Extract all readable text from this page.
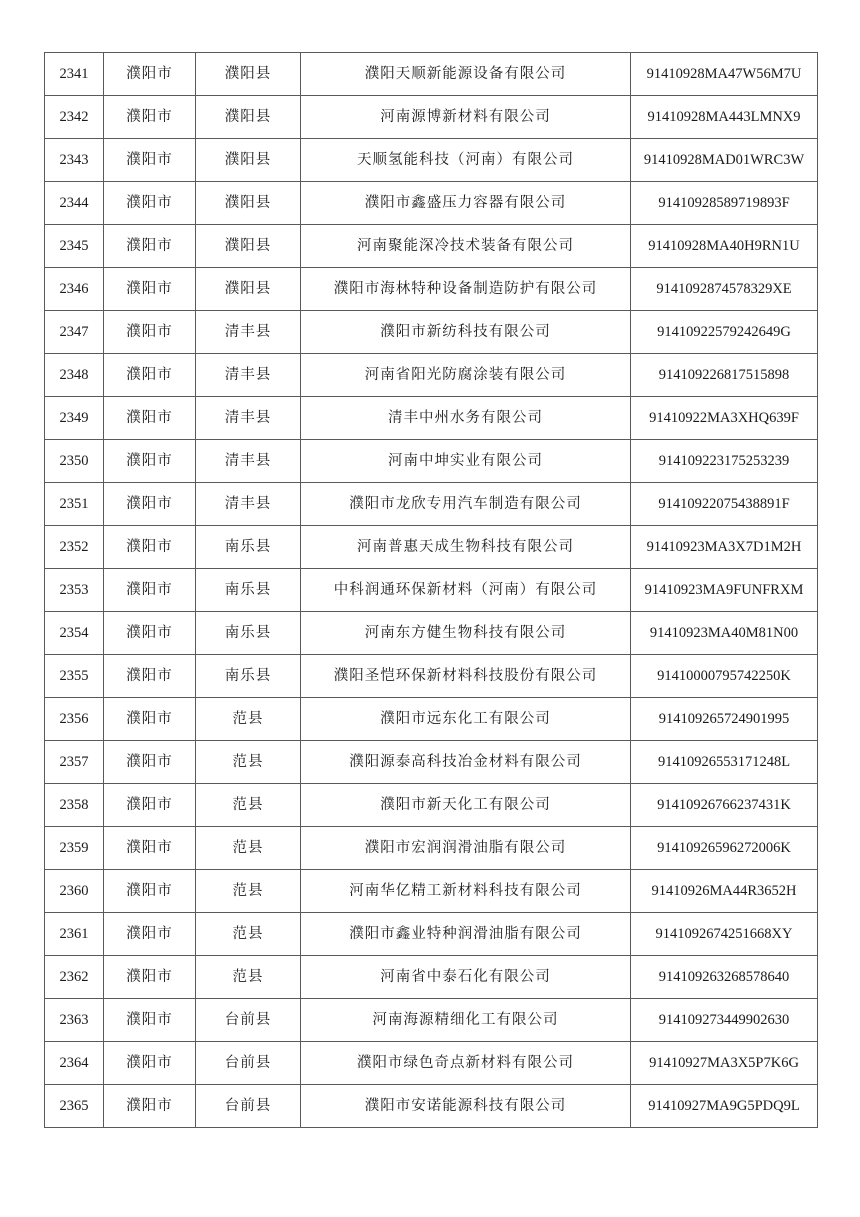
2341	濮阳市	濮阳县	濮阳天顺新能源设备有限公司	91410928MA47W56M7U
2342	濮阳市	濮阳县	河南源博新材料有限公司	91410928MA443LMNX9
2343	濮阳市	濮阳县	天顺氢能科技（河南）有限公司	91410928MAD01WRC3W
2344	濮阳市	濮阳县	濮阳市鑫盛压力容器有限公司	91410928589719893F
2345	濮阳市	濮阳县	河南聚能深冷技术装备有限公司	91410928MA40H9RN1U
2346	濮阳市	濮阳县	濮阳市海林特种设备制造防护有限公司	9141092874578329XE
2347	濮阳市	清丰县	濮阳市新纺科技有限公司	91410922579242649G
2348	濮阳市	清丰县	河南省阳光防腐涂装有限公司	914109226817515898
2349	濮阳市	清丰县	清丰中州水务有限公司	91410922MA3XHQ639F
2350	濮阳市	清丰县	河南中坤实业有限公司	914109223175253239
2351	濮阳市	清丰县	濮阳市龙欣专用汽车制造有限公司	91410922075438891F
2352	濮阳市	南乐县	河南普惠天成生物科技有限公司	91410923MA3X7D1M2H
2353	濮阳市	南乐县	中科润通环保新材料（河南）有限公司	91410923MA9FUNFRXM
2354	濮阳市	南乐县	河南东方健生物科技有限公司	91410923MA40M81N00
2355	濮阳市	南乐县	濮阳圣恺环保新材料科技股份有限公司	91410000795742250K
2356	濮阳市	范县	濮阳市远东化工有限公司	914109265724901995
2357	濮阳市	范县	濮阳源泰高科技冶金材料有限公司	91410926553171248L
2358	濮阳市	范县	濮阳市新天化工有限公司	91410926766237431K
2359	濮阳市	范县	濮阳市宏润润滑油脂有限公司	91410926596272006K
2360	濮阳市	范县	河南华亿精工新材料科技有限公司	91410926MA44R3652H
2361	濮阳市	范县	濮阳市鑫业特种润滑油脂有限公司	9141092674251668XY
2362	濮阳市	范县	河南省中泰石化有限公司	914109263268578640
2363	濮阳市	台前县	河南海源精细化工有限公司	914109273449902630
2364	濮阳市	台前县	濮阳市绿色奇点新材料有限公司	91410927MA3X5P7K6G
2365	濮阳市	台前县	濮阳市安诺能源科技有限公司	91410927MA9G5PDQ9L
